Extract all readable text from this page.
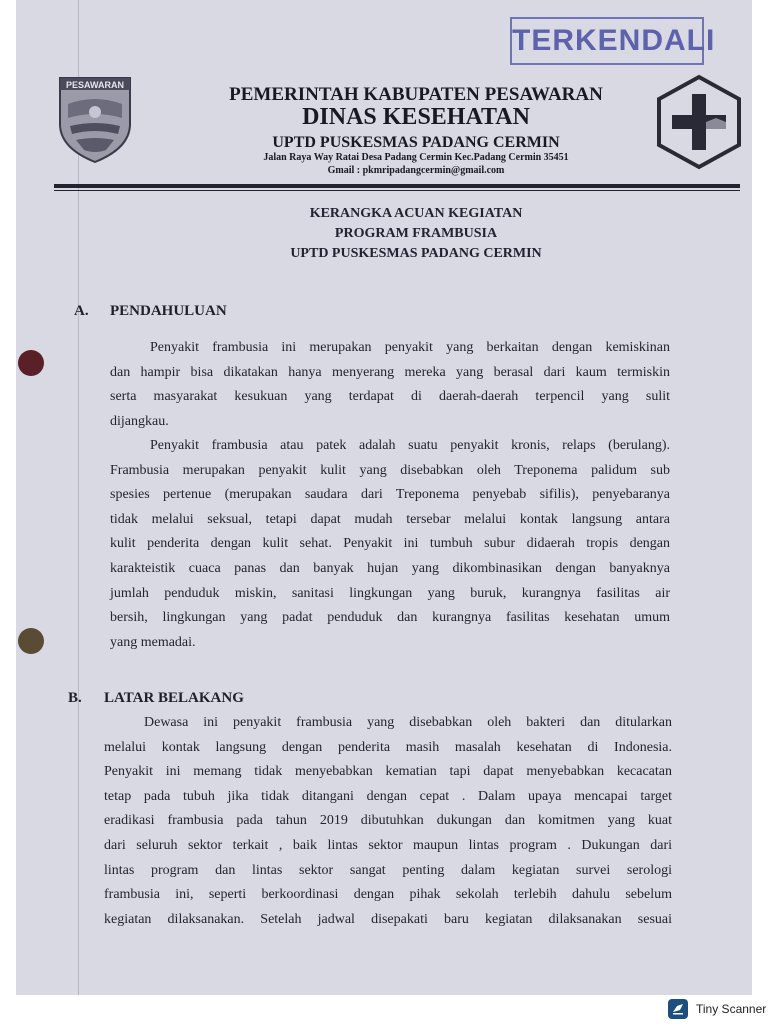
TERKENDALI
PESAWARAN	PEMERINTAH KABUPATEN PESAWARAN
DINAS KESEHATAN
UPTD PUSKESMAS PADANG CERMIN
Jalan Raya Way Ratai Desa Padang Cermin Kec.Padang Cermin 35451
Gmail : pkmripadangcermin@gmail.com
KERANGKA ACUAN KEGIATAN
PROGRAM FRAMBUSIA
UPTD PUSKESMAS PADANG CERMIN
A. PENDAHULUAN
Penyakit frambusia ini merupakan penyakit yang berkaitan dengan kemiskinan
dan hampir bisa dikatakan hanya menyerang mereka yang berasal dari kaum termiskin
serta masyarakat kesukuan yang terdapat di daerah-daerah terpencil yang sulit
dijangkau.
Penyakit frambusia atau patek adalah suatu penyakit kronis, relaps (berulang).
Frambusia merupakan penyakit kulit yang disebabkan oleh Treponema palidum sub
spesies pertenue (merupakan saudara dari Treponema penyebab sifilis), penyebaranya
tidak melalui seksual, tetapi dapat mudah tersebar melalui kontak langsung antara
kulit penderita dengan kulit sehat. Penyakit ini tumbuh subur didaerah tropis dengan
karakteistik cuaca panas dan banyak hujan yang dikombinasikan dengan banyaknya
jumlah penduduk miskin, sanitasi lingkungan yang buruk, kurangnya fasilitas air
bersih, lingkungan yang padat penduduk dan kurangnya fasilitas kesehatan umum
yang memadai.
B. LATAR BELAKANG
Dewasa ini penyakit frambusia yang disebabkan oleh bakteri dan ditularkan
melalui kontak langsung dengan penderita masih masalah kesehatan di Indonesia.
Penyakit ini memang tidak menyebabkan kematian tapi dapat menyebabkan kecacatan
tetap pada tubuh jika tidak ditangani dengan cepat . Dalam upaya mencapai target
eradikasi frambusia pada tahun 2019 dibutuhkan dukungan dan komitmen yang kuat
dari seluruh sektor terkait , baik lintas sektor maupun lintas program . Dukungan dari
lintas program dan lintas sektor sangat penting dalam kegiatan survei serologi
frambusia ini, seperti berkoordinasi dengan pihak sekolah terlebih dahulu sebelum
kegiatan dilaksanakan. Setelah jadwal disepakati baru kegiatan dilaksanakan sesuai
Tiny Scanner
